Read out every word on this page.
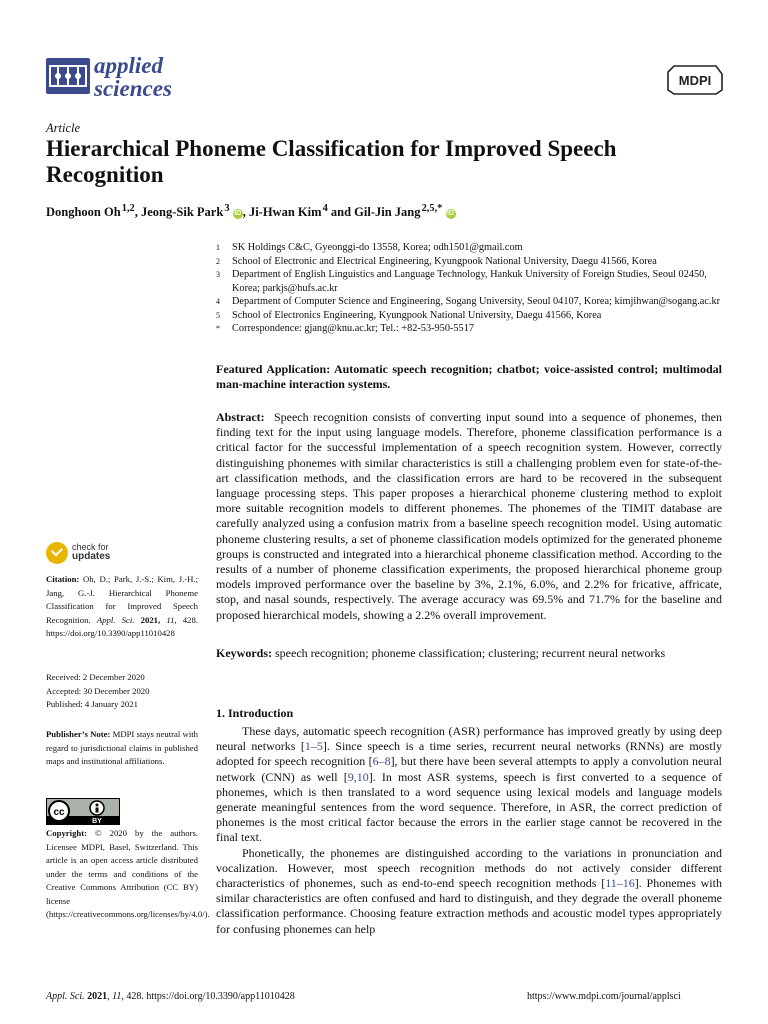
applied
sciences	MDPI
Article
Hierarchical Phoneme Classification for Improved Speech Recognition
Donghoon Oh $^{1,2}$, Jeong-Sik Park $^3$ iD , Ji-Hwan Kim $^4$ and Gil-Jin Jang $^{2,5,*}$ iD
1	SK Holdings C&C, Gyeonggi-do 13558, Korea; odh1501@gmail.com
2	School of Electronic and Electrical Engineering, Kyungpook National University, Daegu 41566, Korea
3	Department of English Linguistics and Language Technology, Hankuk University of Foreign Studies, Seoul 02450, Korea; parkjs@hufs.ac.kr
4	Department of Computer Science and Engineering, Sogang University, Seoul 04107, Korea; kimjihwan@sogang.ac.kr
5	School of Electronics Engineering, Kyungpook National University, Daegu 41566, Korea
*	Correspondence: gjang@knu.ac.kr; Tel.: +82-53-950-5517
Featured Application: Automatic speech recognition; chatbot; voice-assisted control; multimodal man-machine interaction systems.
Abstract: Speech recognition consists of converting input sound into a sequence of phonemes, then finding text for the input using language models. Therefore, phoneme classification performance is a critical factor for the successful implementation of a speech recognition system. However, correctly distinguishing phonemes with similar characteristics is still a challenging problem even for state-of-the-art classification methods, and the classification errors are hard to be recovered in the subsequent language processing steps. This paper proposes a hierarchical phoneme clustering method to exploit more suitable recognition models to different phonemes. The phonemes of the TIMIT database are carefully analyzed using a confusion matrix from a baseline speech recognition model. Using automatic phoneme clustering results, a set of phoneme classification models optimized for the generated phoneme groups is constructed and integrated into a hierarchical phoneme classification method. According to the results of a number of phoneme classification experiments, the proposed hierarchical phoneme group models improved performance over the baseline by 3%, 2.1%, 6.0%, and 2.2% for fricative, affricate, stop, and nasal sounds, respectively. The average accuracy was 69.5% and 71.7% for the baseline and proposed hierarchical models, showing a 2.2% overall improvement.
Keywords: speech recognition; phoneme classification; clustering; recurrent neural networks
1. Introduction

These days, automatic speech recognition (ASR) performance has improved greatly by using deep neural networks [1–5]. Since speech is a time series, recurrent neural networks (RNNs) are mostly adopted for speech recognition [6–8], but there have been several attempts to apply a convolution neural network (CNN) as well [9,10]. In most ASR systems, speech is first converted to a sequence of phonemes, which is then translated to a word sequence using lexical models and language models generate meaningful sentences from the word sequence. Therefore, in ASR, the correct prediction of phonemes is the most critical factor because the errors in the earlier stage cannot be recovered in the final text.

Phonetically, the phonemes are distinguished according to the variations in pronunciation and vocalization. However, most speech recognition methods do not actively consider different characteristics of phonemes, such as end-to-end speech recognition methods [11–16]. Phonemes with similar characteristics are often confused and hard to distinguish, and they degrade the overall phoneme classification performance. Choosing feature extraction methods and acoustic model types appropriately for confusing phonemes can help

check for
updates
Citation: Oh, D.; Park, J.-S.; Kim, J.-H.; Jang, G.-J. Hierarchical Phoneme Classification for Improved Speech Recognition. Appl. Sci. 2021, 11, 428. https://doi.org/10.3390/app11010428
Received: 2 December 2020
Accepted: 30 December 2020
Published: 4 January 2021
Publisher’s Note: MDPI stays neutral with regard to jurisdictional claims in published maps and institutional affiliations.
cc
BY
Copyright: © 2020 by the authors. Licensee MDPI, Basel, Switzerland. This article is an open access article distributed under the terms and conditions of the Creative Commons Attribution (CC BY) license (https://creativecommons.org/licenses/by/4.0/).
Appl. Sci. 2021, 11, 428. https://doi.org/10.3390/app11010428	https://www.mdpi.com/journal/applsci
